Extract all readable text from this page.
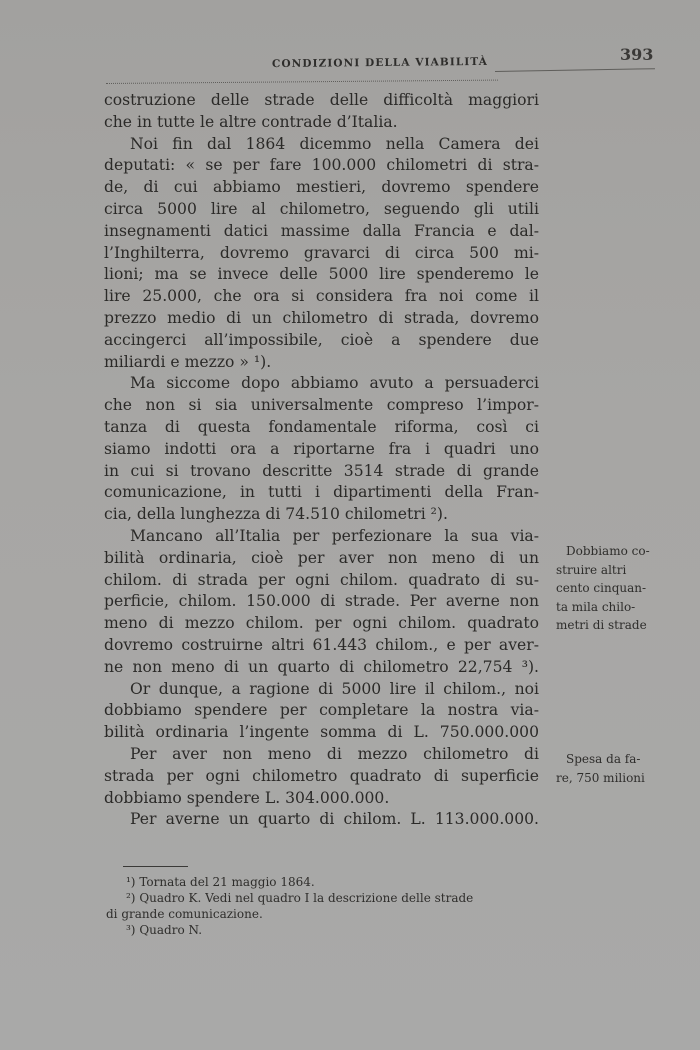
CONDIZIONI DELLA VIABILITÀ	393
costruzione delle strade delle difficoltà maggiori
che in tutte le altre contrade d’Italia.
Noi fin dal 1864 dicemmo nella Camera dei
deputati: « se per fare 100.000 chilometri di stra-
de, di cui abbiamo mestieri, dovremo spendere
circa 5000 lire al chilometro, seguendo gli utili
insegnamenti datici massime dalla Francia e dal-
l’Inghilterra, dovremo gravarci di circa 500 mi-
lioni; ma se invece delle 5000 lire spenderemo le
lire 25.000, che ora si considera fra noi come il
prezzo medio di un chilometro di strada, dovremo
accingerci all’impossibile, cioè a spendere due
miliardi e mezzo » ¹).
Ma siccome dopo abbiamo avuto a persuaderci
che non si sia universalmente compreso l’impor-
tanza di questa fondamentale riforma, così ci
siamo indotti ora a riportarne fra i quadri uno
in cui si trovano descritte 3514 strade di grande
comunicazione, in tutti i dipartimenti della Fran-
cia, della lunghezza di 74.510 chilometri ²).
Mancano all’Italia per perfezionare la sua via-
bilità ordinaria, cioè per aver non meno di un
chilom. di strada per ogni chilom. quadrato di su-
perficie, chilom. 150.000 di strade. Per averne non
meno di mezzo chilom. per ogni chilom. quadrato
dovremo costruirne altri 61.443 chilom., e per aver-
ne non meno di un quarto di chilometro 22,754 ³).
Or dunque, a ragione di 5000 lire il chilom., noi
dobbiamo spendere per completare la nostra via-
bilità ordinaria l’ingente somma di L. 750.000.000
Per aver non meno di mezzo chilometro di
strada per ogni chilometro quadrato di superficie
dobbiamo spendere L. 304.000.000.
Per averne un quarto di chilom. L. 113.000.000.
Dobbiamo co-
struire altri
cento cinquan-
ta mila chilo-
metri di strade
Spesa da fa-
re, 750 milioni
¹) Tornata del 21 maggio 1864.
²) Quadro K. Vedi nel quadro I la descrizione delle strade
di grande comunicazione.
³) Quadro N.
